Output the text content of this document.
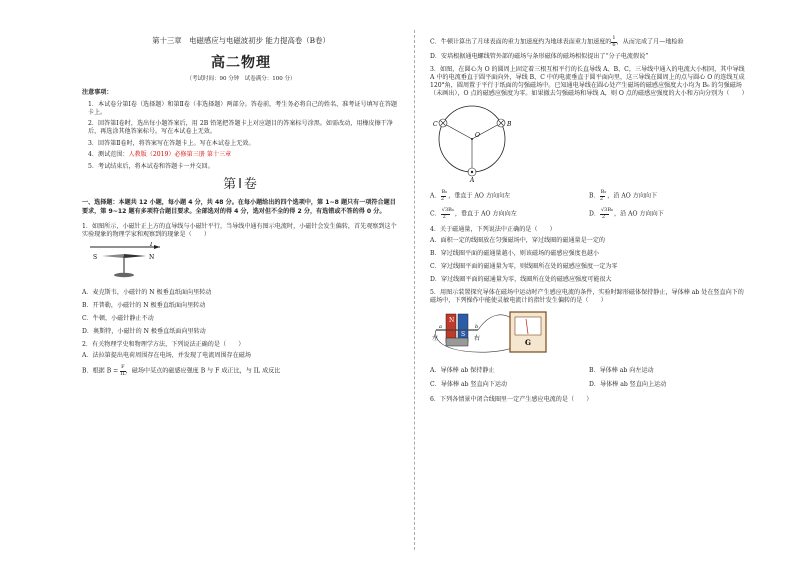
第十三章　电磁感应与电磁波初步 能力提高卷（B卷）
高二物理
（考试时间：90 分钟　试卷满分：100 分）
注意事项：
1．本试卷分第Ⅰ卷（选择题）和第Ⅱ卷（非选择题）两部分。答卷前，考生务必将自己的姓名、准考证号填写在答题卡上。
2．回答第Ⅰ卷时，选出每小题答案后，用 2B 铅笔把答题卡上对应题目的答案标号涂黑。如需改动，用橡皮擦干净后，再选涂其他答案标号。写在本试卷上无效。
3．回答第Ⅱ卷时，将答案写在答题卡上。写在本试卷上无效。
4．测试范围：人教版（2019）必修第三册 第十三章
5．考试结束后，将本试卷和答题卡一并交回。
第Ⅰ卷
一、选择题：本题共 12 小题，每小题 4 分，共 48 分。在每小题给出的四个选项中，第 1~8 题只有一项符合题目要求，第 9~12 题有多项符合题目要求。全部选对的得 4 分，选对但不全的得 2 分，有选错或不答的得 0 分。
1．如图所示，小磁针正上方的直导线与小磁针平行，当导线中通有图示电流时，小磁针会发生偏转，首先观察到这个实验现象的物理学家和观察到的现象是（　　）
I
S	N
A．麦克斯韦，小磁针的 N 极垂直纸面向里转动
B．开普勒，小磁针的 N 极垂直纸面向里转动
C．牛顿，小磁针静止不动
D．奥斯特，小磁针的 N 极垂直纸面向里转动
2．有关物理学史和物理学方法，下列说法正确的是（　　）
A．法拉第提出电荷周围存在电场，并发现了电流周围存在磁场
B．根据 $B = \frac{F}{IL}$ ，磁场中某点的磁感应强度 B 与 F 成正比，与 IL 成反比
C．牛顿计算出了月球表面的重力加速度约为地球表面重力加速度的 $\frac{1}{6}$ ，从而完成了月—地检验
D．安培根据通电螺线管外部的磁场与条形磁体的磁场相似提出了“分子电流假说”
3．如图，在圆心为 O 的圆周上固定着三根互相平行的长直导线 A、B、C，三导线中通入的电流大小相同，其中导线 A 中的电流垂直于圆平面向外，导线 B、C 中的电流垂直于圆平面向里，这三导线在圆周上的点与圆心 O 的连线互成 120°角，圆周置于平行于纸面的匀强磁场中。已知通电导线在圆心处产生磁场的磁感应强度大小均为 B₀ 的匀强磁场（未画出），O 点的磁感应强度为零。如果撤去匀强磁场和导线 A，则 O 点的磁感应强度的大小和方向分别为（　　）
C	B
O
A
A． $\frac{\text{B₀}}{2}$ ，垂直于 AO 方向向左	B． $\frac{\text{B₀}}{2}$ ，沿 AO 方向向下
C． $\frac{\text{√3B₀}}{2}$ ，垂直于 AO 方向向左	D． $\frac{\text{√3B₀}}{2}$ ，沿 AO 方向向下
4．关于磁通量，下列说法中正确的是（　　）
A．面积一定的线圈放在匀强磁场中，穿过线圈的磁通量是一定的
B．穿过线圈平面的磁通量越小，则该磁场的磁感应强度也越小
C．穿过线圈平面的磁通量为零，则线圈所在处的磁感应强度一定为零
D．穿过线圈平面的磁通量为零，线圈所在处的磁感应强度可能很大
5．用图示装置探究导体在磁场中运动时产生感应电流的条件，实验时蹄形磁体保持静止，导体棒 ab 处在竖直向下的磁场中，下列操作中能使灵敏电流计的指针发生偏转的是（　　）
N
S
左	右
a	b
G
A．导体棒 ab 保持静止	B．导体棒 ab 向左运动
C．导体棒 ab 竖直向下运动	D．导体棒 ab 竖直向上运动
6．下列各情景中闭合线圈里一定产生感应电流的是（　　）
